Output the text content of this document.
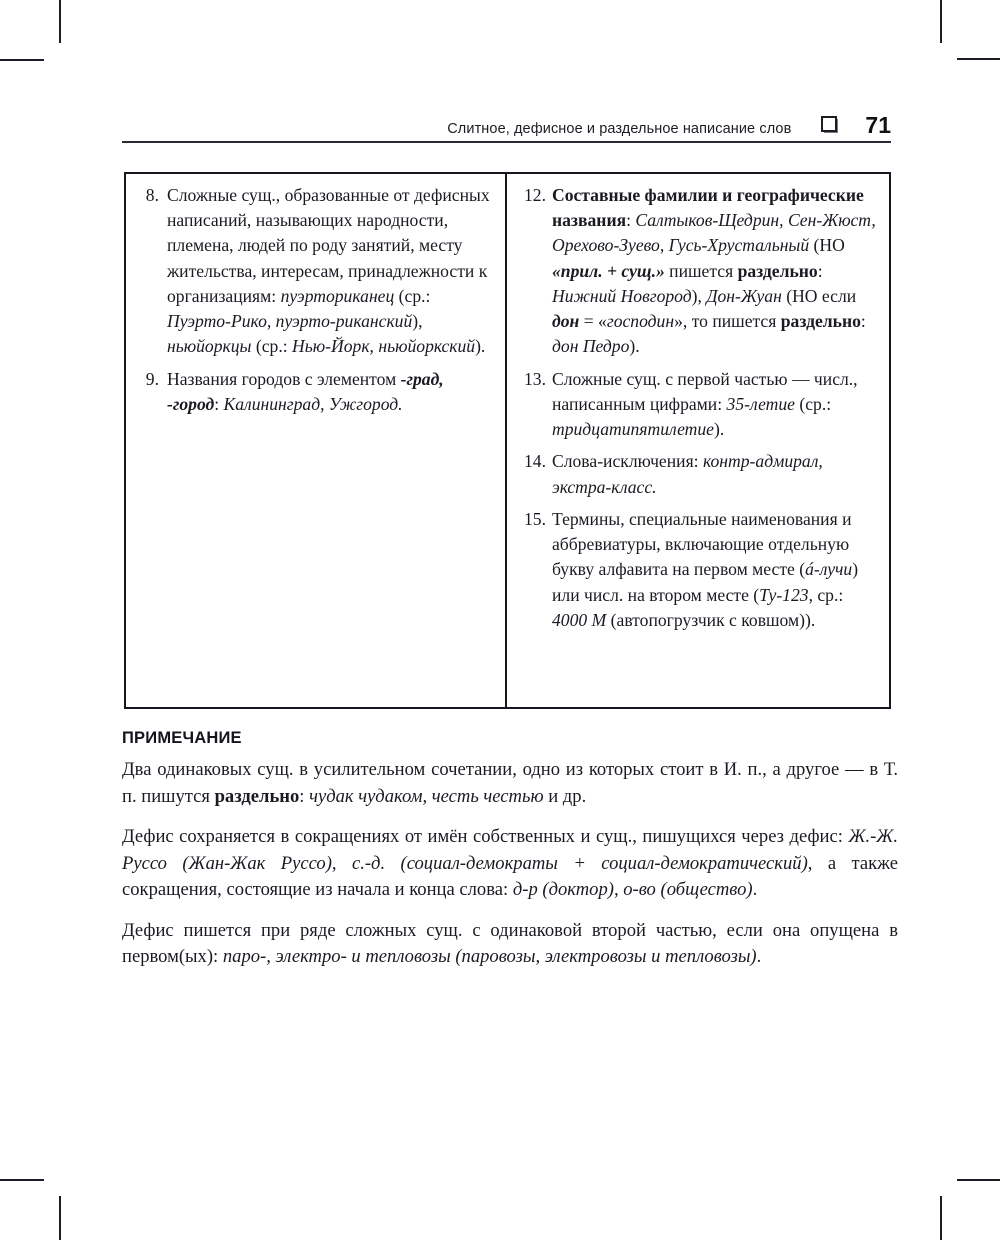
Слитное, дефисное и раздельное написание слов	71
8. Сложные сущ., образованные от дефисных написаний, называющих народности, племена, людей по роду занятий, месту жительства, интересам, принадлежности к организациям: пуэрториканец (ср.: Пуэрто-Рико, пуэрто-риканский), ньюйоркцы (ср.: Нью-Йорк, ньюйоркский).
9. Названия городов с элементом -град, -город: Калининград, Ужгород.
12. Составные фамилии и географические названия: Салтыков-Щедрин, Сен-Жюст, Орехово-Зуево, Гусь-Хрустальный (НО «прил. + сущ.» пишется раздельно: Нижний Новгород), Дон-Жуан (НО если дон = «господин», то пишется раздельно: дон Педро).
13. Сложные сущ. с первой частью — числ., написанным цифрами: 35-летие (ср.: тридцатипятилетие).
14. Слова-исключения: контр-адмирал, экстра-класс.
15. Термины, специальные наименования и аббревиатуры, включающие отдельную букву алфавита на первом месте (á-лучи) или числ. на втором месте (Ту-123, ср.: 4000 М (автопогрузчик с ковшом)).
ПРИМЕЧАНИЕ

Два одинаковых сущ. в усилительном сочетании, одно из которых стоит в И. п., а другое — в Т. п. пишутся раздельно: чудак чудаком, честь честью и др.

Дефис сохраняется в сокращениях от имён собственных и сущ., пишущихся через дефис: Ж.-Ж. Руссо (Жан-Жак Руссо), с.-д. (социал-демократы + социал-демократический), а также сокращения, состоящие из начала и конца слова: д-р (доктор), о-во (общество).

Дефис пишется при ряде сложных сущ. с одинаковой второй частью, если она опущена в первом(ых): паро-, электро- и тепловозы (паровозы, электровозы и тепловозы).
